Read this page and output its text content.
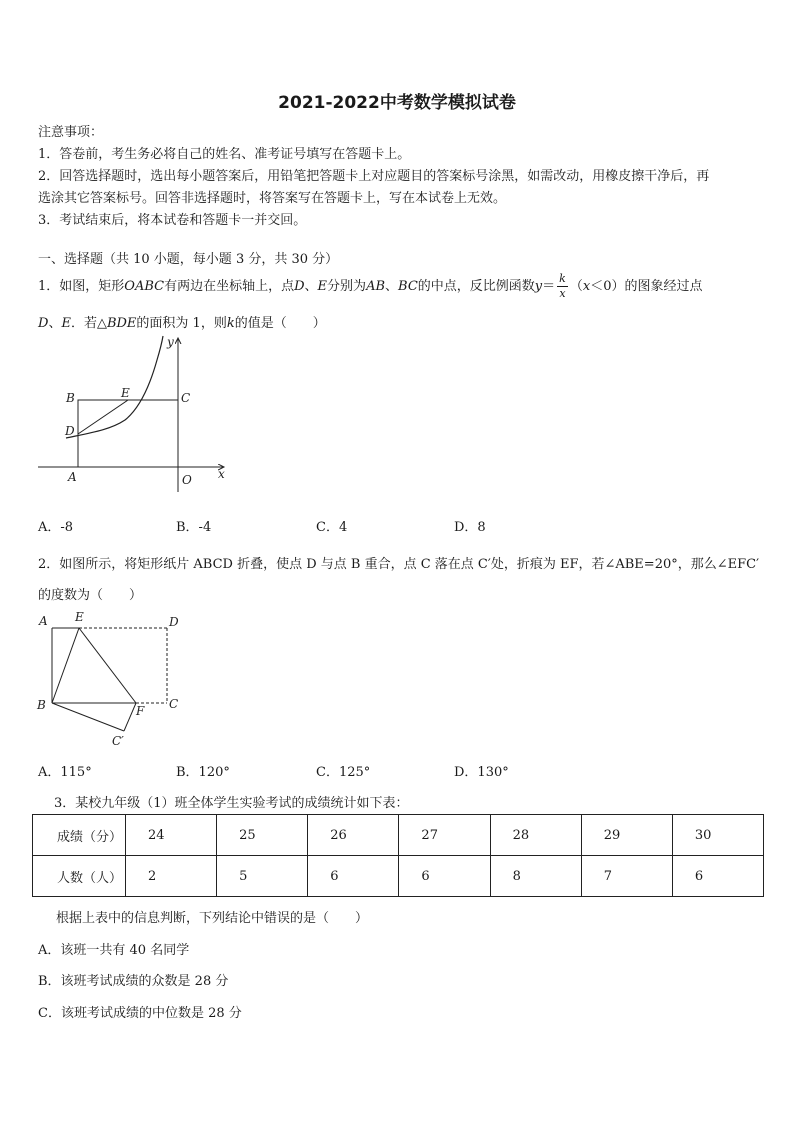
2021-2022中考数学模拟试卷
注意事项：
1．答卷前，考生务必将自己的姓名、准考证号填写在答题卡上。
2．回答选择题时，选出每小题答案后，用铅笔把答题卡上对应题目的答案标号涂黑，如需改动，用橡皮擦干净后，再
选涂其它答案标号。回答非选择题时，将答案写在答题卡上，写在本试卷上无效。
3．考试结束后，将本试卷和答题卡一并交回。
一、选择题（共 10 小题，每小题 3 分，共 30 分）
1．如图，矩形OABC有两边在坐标轴上，点D、E分别为AB、BC的中点，反比例函数$y= \frac{k}{x} (x<0)$的图象经过点
D、E．若△BDE的面积为 1，则k的值是（　　）
y
x
B	E	C
D
A	O
A．-8	B．-4	C．4	D．8
2．如图所示，将矩形纸片 ABCD 折叠，使点 D 与点 B 重合，点 C 落在点 C′处，折痕为 EF，若∠ABE=20°，那么∠EFC′
的度数为（　　）
A E	D
B	F C
C′
A．115°	B．120°	C．125°	D．130°
3．某校九年级（1）班全体学生实验考试的成绩统计如下表：
成绩（分）	24	25	26	27	28	29	30
人数（人）	2	5	6	6	8	7	6
根据上表中的信息判断，下列结论中错误的是（　　）
A．该班一共有 40 名同学
B．该班考试成绩的众数是 28 分
C．该班考试成绩的中位数是 28 分
